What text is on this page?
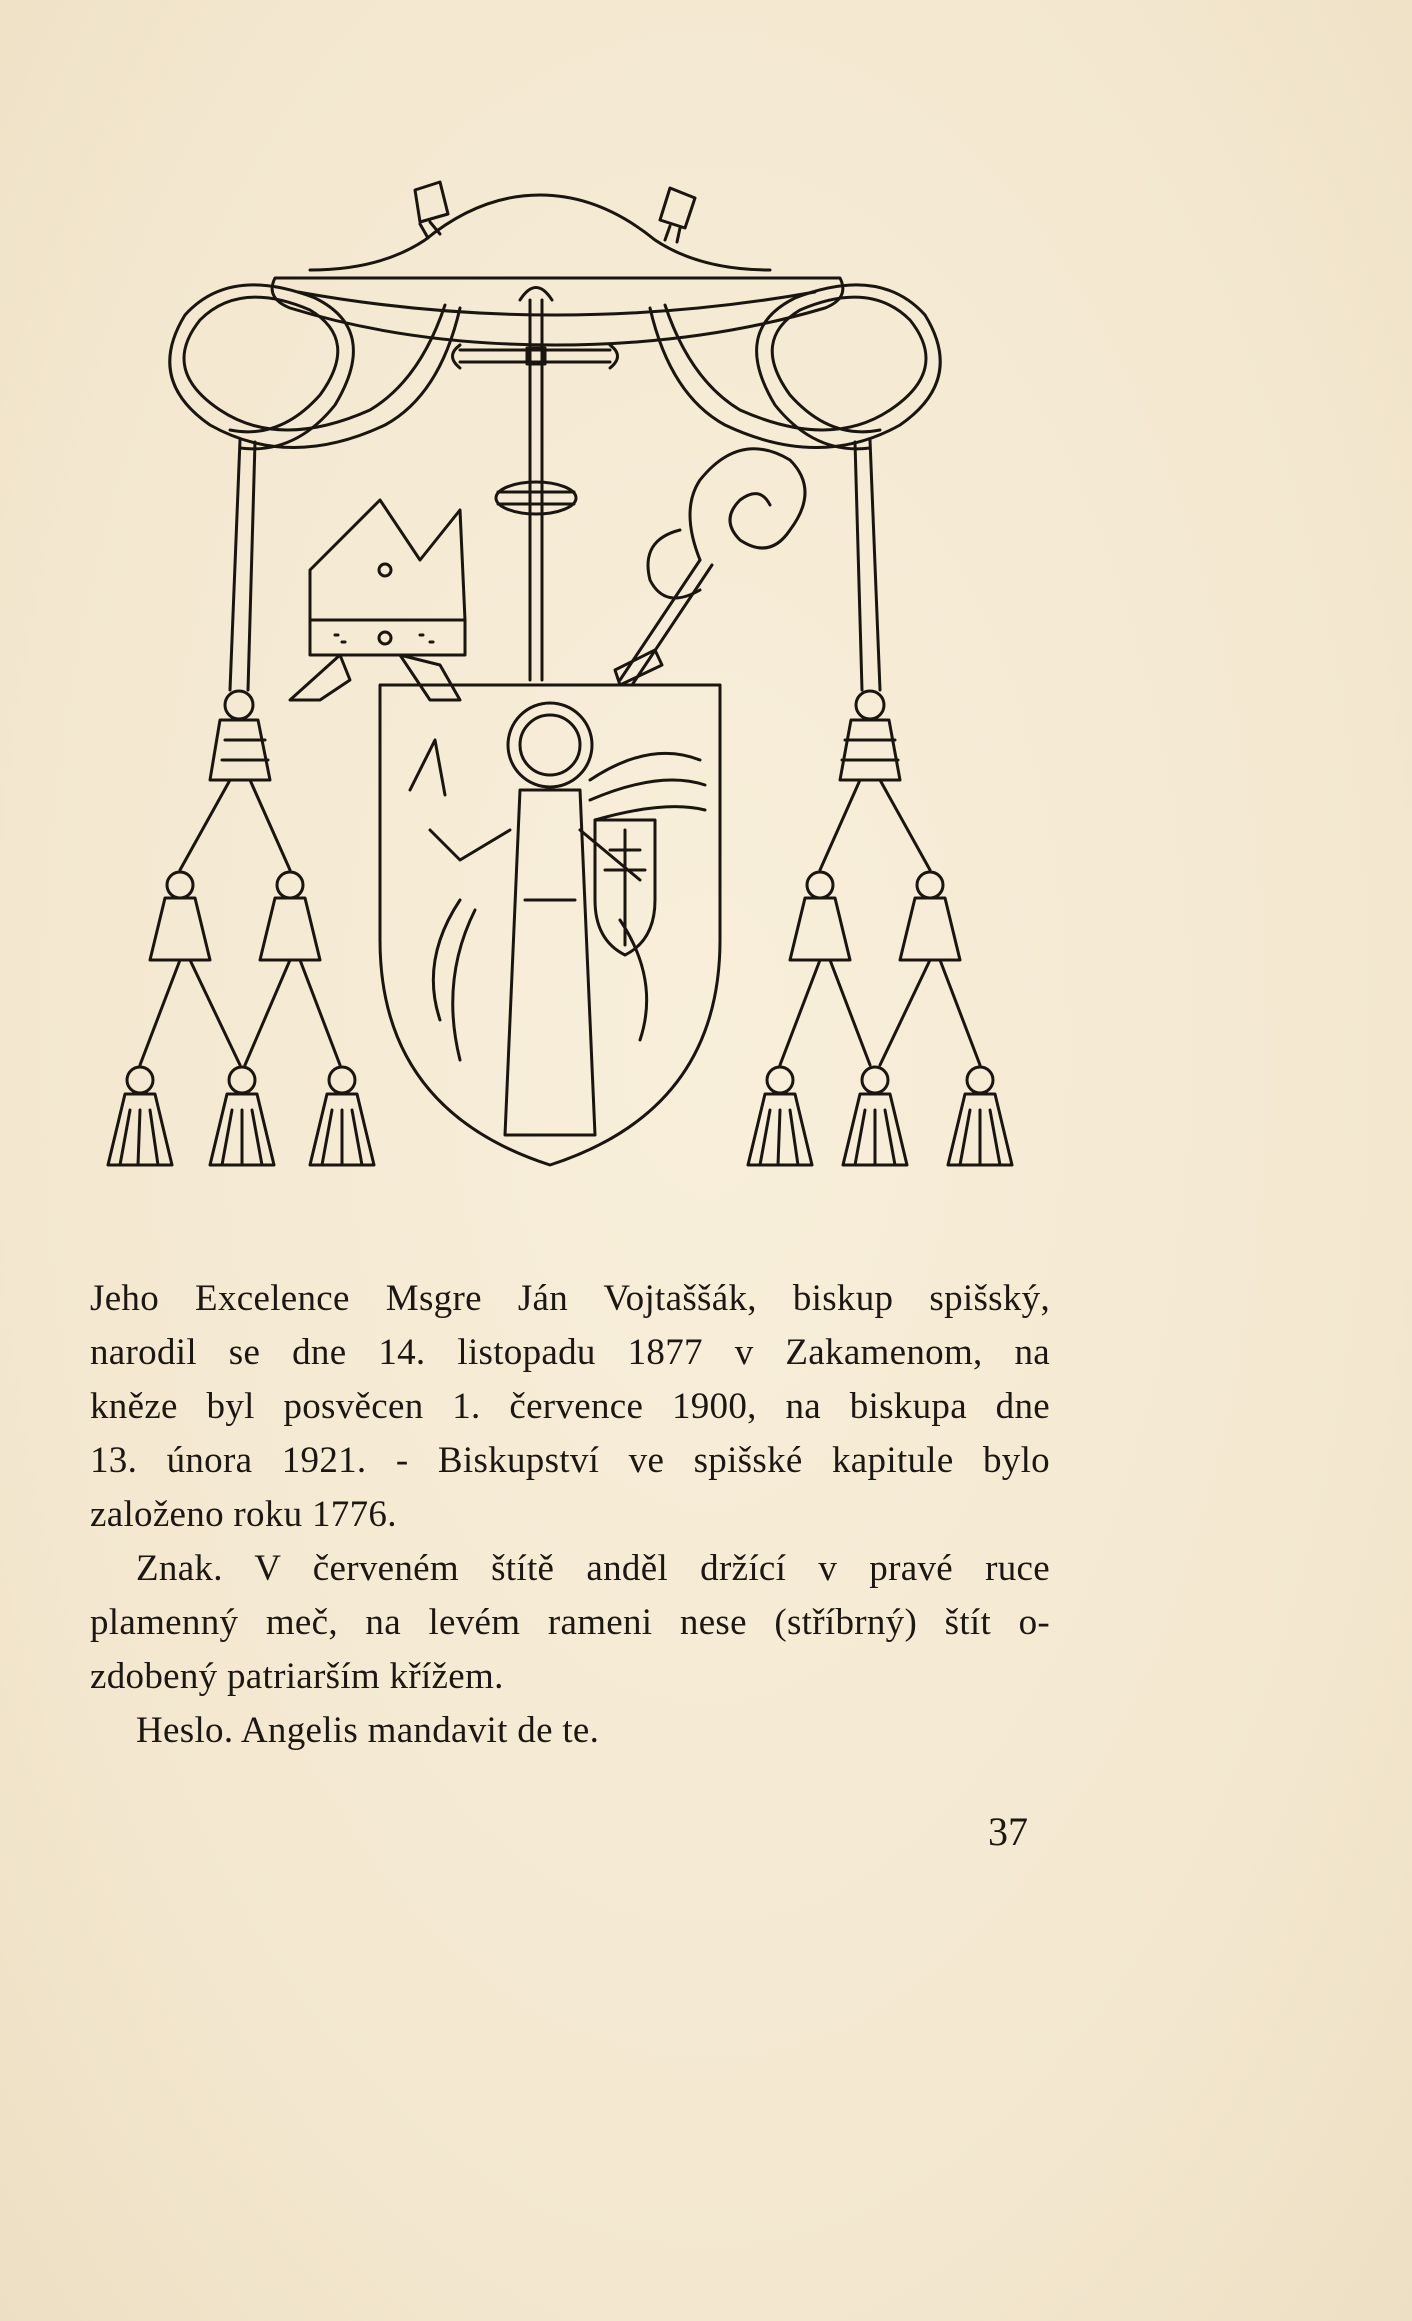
Jeho Excelence Msgre Ján Vojtaššák, biskup spišský,
narodil se dne 14. listopadu 1877 v Zakamenom, na
kněze byl posvěcen 1. července 1900, na biskupa dne
13. února 1921. - Biskupství ve spišské kapitule bylo
založeno roku 1776.
Znak. V červeném štítě anděl držící v pravé ruce
plamenný meč, na levém rameni nese (stříbrný) štít o-
zdobený patriarším křížem.
Heslo. Angelis mandavit de te.
37
